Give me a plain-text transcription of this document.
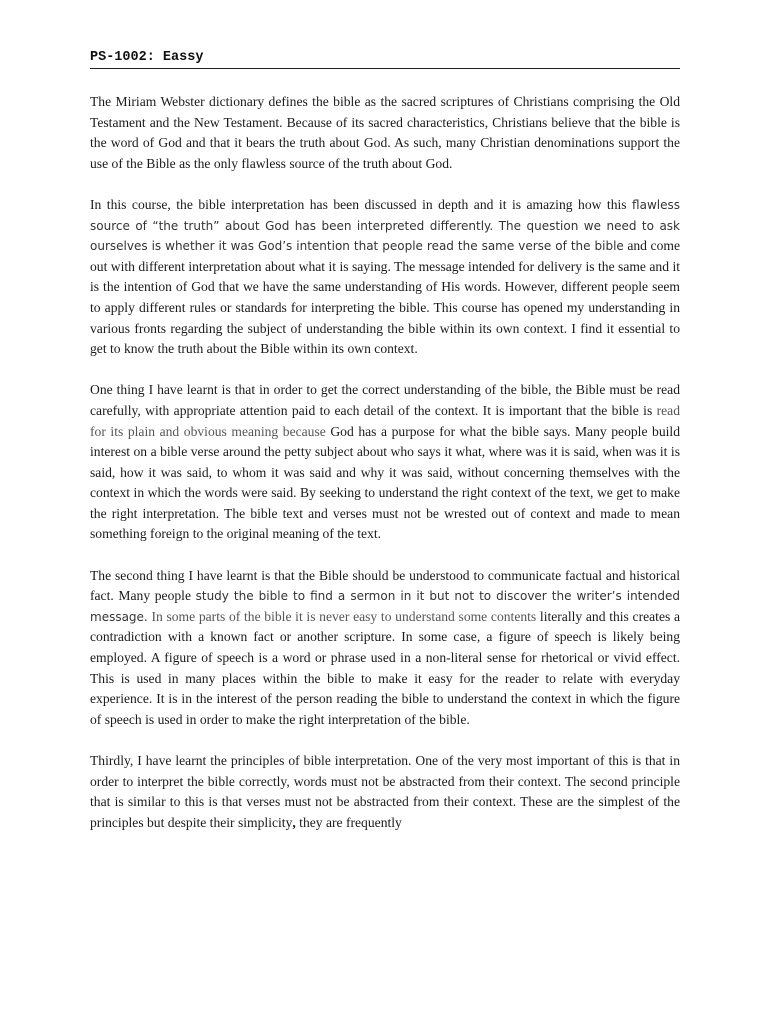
PS-1002: Eassy

The Miriam Webster dictionary defines the bible as the sacred scriptures of Christians comprising the Old Testament and the New Testament. Because of its sacred characteristics, Christians believe that the bible is the word of God and that it bears the truth about God. As such, many Christian denominations support the use of the Bible as the only flawless source of the truth about God.

In this course, the bible interpretation has been discussed in depth and it is amazing how this flawless source of “the truth” about God has been interpreted differently. The question we need to ask ourselves is whether it was God’s intention that people read the same verse of the bible and come out with different interpretation about what it is saying. The message intended for delivery is the same and it is the intention of God that we have the same understanding of His words. However, different people seem to apply different rules or standards for interpreting the bible. This course has opened my understanding in various fronts regarding the subject of understanding the bible within its own context. I find it essential to get to know the truth about the Bible within its own context.

One thing I have learnt is that in order to get the correct understanding of the bible, the Bible must be read carefully, with appropriate attention paid to each detail of the context. It is important that the bible is read for its plain and obvious meaning because God has a purpose for what the bible says. Many people build interest on a bible verse around the petty subject about who says it what, where was it is said, when was it is said, how it was said, to whom it was said and why it was said, without concerning themselves with the context in which the words were said. By seeking to understand the right context of the text, we get to make the right interpretation. The bible text and verses must not be wrested out of context and made to mean something foreign to the original meaning of the text.

The second thing I have learnt is that the Bible should be understood to communicate factual and historical fact. Many people study the bible to find a sermon in it but not to discover the writer’s intended message. In some parts of the bible it is never easy to understand some contents literally and this creates a contradiction with a known fact or another scripture. In some case, a figure of speech is likely being employed. A figure of speech is a word or phrase used in a non-literal sense for rhetorical or vivid effect. This is used in many places within the bible to make it easy for the reader to relate with everyday experience. It is in the interest of the person reading the bible to understand the context in which the figure of speech is used in order to make the right interpretation of the bible.

Thirdly, I have learnt the principles of bible interpretation. One of the very most important of this is that in order to interpret the bible correctly, words must not be abstracted from their context. The second principle that is similar to this is that verses must not be abstracted from their context. These are the simplest of the principles but despite their simplicity, they are frequently
